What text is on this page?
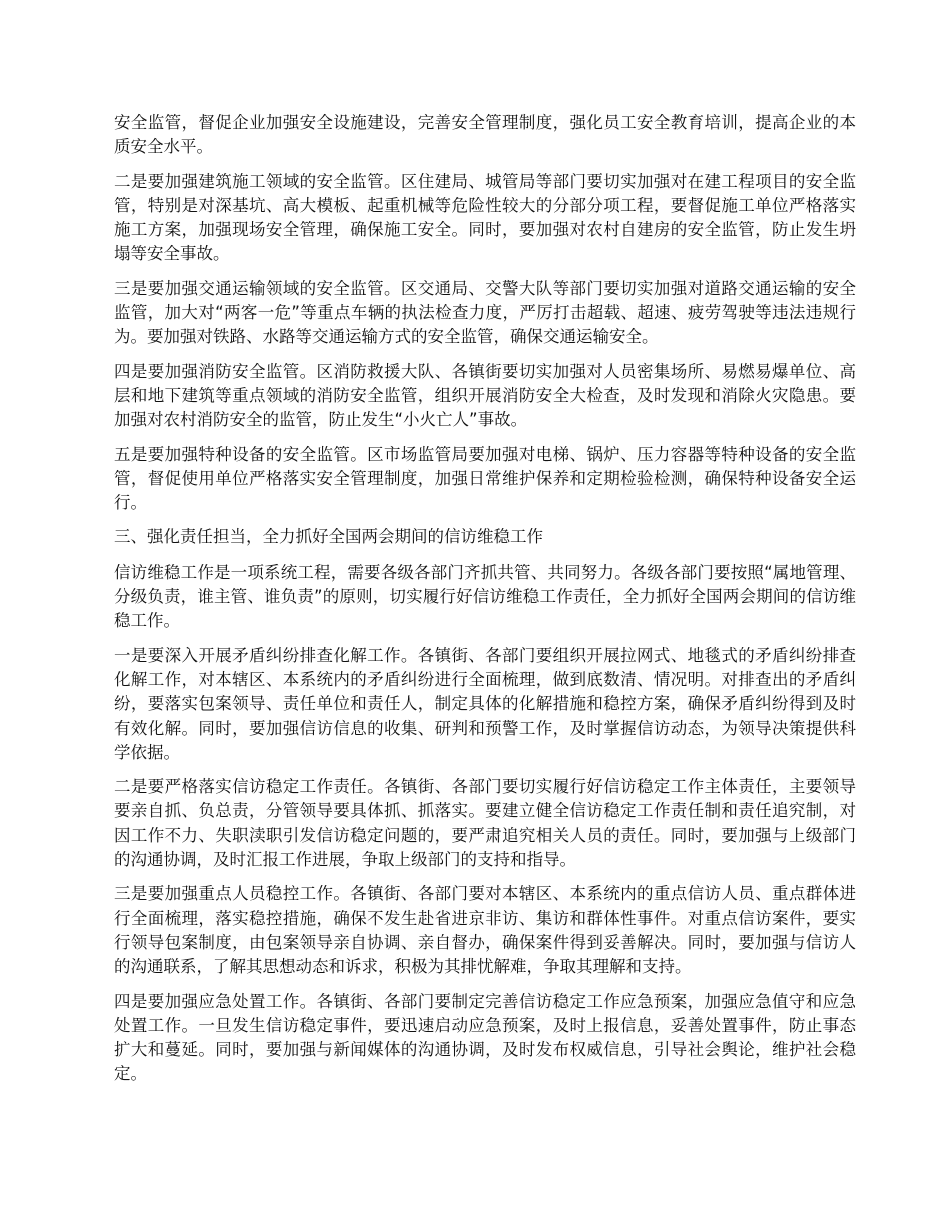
安全监管，督促企业加强安全设施建设，完善安全管理制度，强化员工安全教育培训，提高企业的本质安全水平。

二是要加强建筑施工领域的安全监管。区住建局、城管局等部门要切实加强对在建工程项目的安全监管，特别是对深基坑、高大模板、起重机械等危险性较大的分部分项工程，要督促施工单位严格落实施工方案，加强现场安全管理，确保施工安全。同时，要加强对农村自建房的安全监管，防止发生坍塌等安全事故。

三是要加强交通运输领域的安全监管。区交通局、交警大队等部门要切实加强对道路交通运输的安全监管，加大对“两客一危”等重点车辆的执法检查力度，严厉打击超载、超速、疲劳驾驶等违法违规行为。要加强对铁路、水路等交通运输方式的安全监管，确保交通运输安全。

四是要加强消防安全监管。区消防救援大队、各镇街要切实加强对人员密集场所、易燃易爆单位、高层和地下建筑等重点领域的消防安全监管，组织开展消防安全大检查，及时发现和消除火灾隐患。要加强对农村消防安全的监管，防止发生“小火亡人”事故。

五是要加强特种设备的安全监管。区市场监管局要加强对电梯、锅炉、压力容器等特种设备的安全监管，督促使用单位严格落实安全管理制度，加强日常维护保养和定期检验检测，确保特种设备安全运行。

三、强化责任担当，全力抓好全国两会期间的信访维稳工作

信访维稳工作是一项系统工程，需要各级各部门齐抓共管、共同努力。各级各部门要按照“属地管理、分级负责，谁主管、谁负责”的原则，切实履行好信访维稳工作责任，全力抓好全国两会期间的信访维稳工作。

一是要深入开展矛盾纠纷排查化解工作。各镇街、各部门要组织开展拉网式、地毯式的矛盾纠纷排查化解工作，对本辖区、本系统内的矛盾纠纷进行全面梳理，做到底数清、情况明。对排查出的矛盾纠纷，要落实包案领导、责任单位和责任人，制定具体的化解措施和稳控方案，确保矛盾纠纷得到及时有效化解。同时，要加强信访信息的收集、研判和预警工作，及时掌握信访动态，为领导决策提供科学依据。

二是要严格落实信访稳定工作责任。各镇街、各部门要切实履行好信访稳定工作主体责任，主要领导要亲自抓、负总责，分管领导要具体抓、抓落实。要建立健全信访稳定工作责任制和责任追究制，对因工作不力、失职渎职引发信访稳定问题的，要严肃追究相关人员的责任。同时，要加强与上级部门的沟通协调，及时汇报工作进展，争取上级部门的支持和指导。

三是要加强重点人员稳控工作。各镇街、各部门要对本辖区、本系统内的重点信访人员、重点群体进行全面梳理，落实稳控措施，确保不发生赴省进京非访、集访和群体性事件。对重点信访案件，要实行领导包案制度，由包案领导亲自协调、亲自督办，确保案件得到妥善解决。同时，要加强与信访人的沟通联系，了解其思想动态和诉求，积极为其排忧解难，争取其理解和支持。

四是要加强应急处置工作。各镇街、各部门要制定完善信访稳定工作应急预案，加强应急值守和应急处置工作。一旦发生信访稳定事件，要迅速启动应急预案，及时上报信息，妥善处置事件，防止事态扩大和蔓延。同时，要加强与新闻媒体的沟通协调，及时发布权威信息，引导社会舆论，维护社会稳定。
